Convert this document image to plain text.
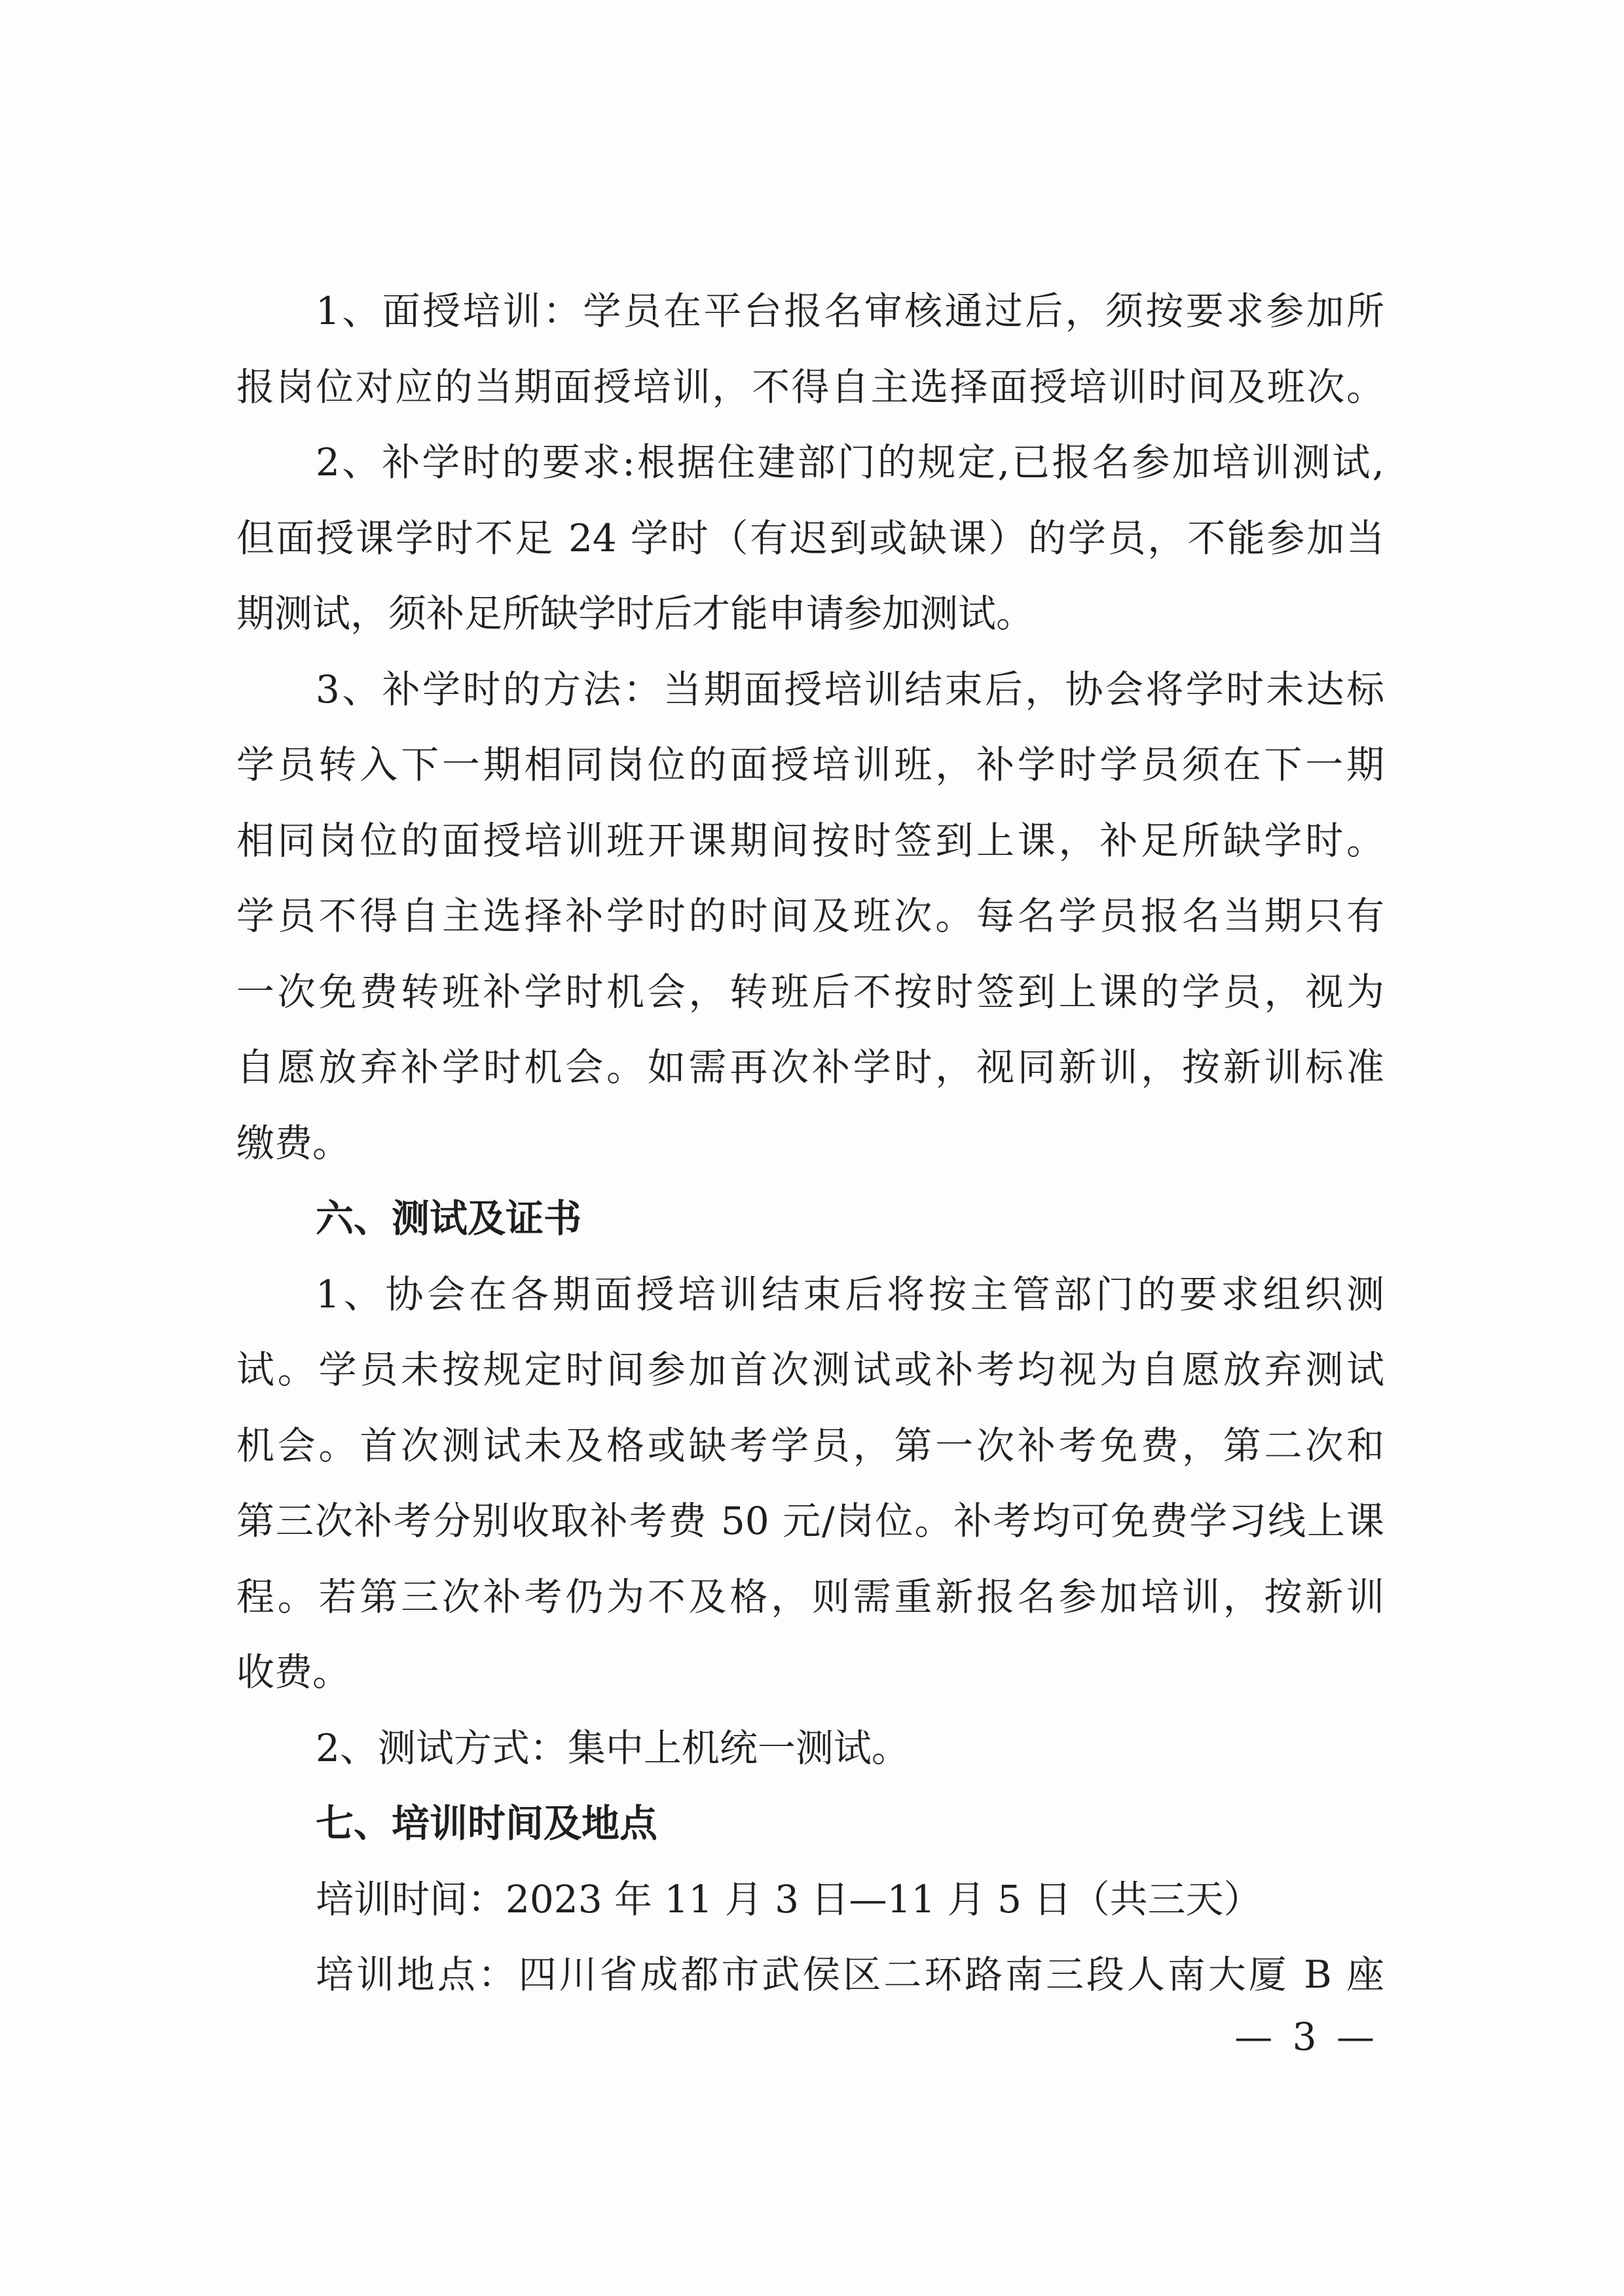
1、面授培训：学员在平台报名审核通过后，须按要求参加所
报岗位对应的当期面授培训，不得自主选择面授培训时间及班次。
2、补学时的要求:根据住建部门的规定,已报名参加培训测试,
但面授课学时不足 24 学时（有迟到或缺课）的学员，不能参加当
期测试，须补足所缺学时后才能申请参加测试。
3、补学时的方法：当期面授培训结束后，协会将学时未达标
学员转入下一期相同岗位的面授培训班，补学时学员须在下一期
相同岗位的面授培训班开课期间按时签到上课，补足所缺学时。
学员不得自主选择补学时的时间及班次。每名学员报名当期只有
一次免费转班补学时机会，转班后不按时签到上课的学员，视为
自愿放弃补学时机会。如需再次补学时，视同新训，按新训标准
缴费。
六、测试及证书
1、协会在各期面授培训结束后将按主管部门的要求组织测
试。学员未按规定时间参加首次测试或补考均视为自愿放弃测试
机会。首次测试未及格或缺考学员，第一次补考免费，第二次和
第三次补考分别收取补考费 50 元/岗位。补考均可免费学习线上课
程。若第三次补考仍为不及格，则需重新报名参加培训，按新训
收费。
2、测试方式：集中上机统一测试。
七、培训时间及地点
培训时间：2023 年 11 月 3 日—11 月 5 日（共三天）
培训地点：四川省成都市武侯区二环路南三段人南大厦 B 座
— 3 —
